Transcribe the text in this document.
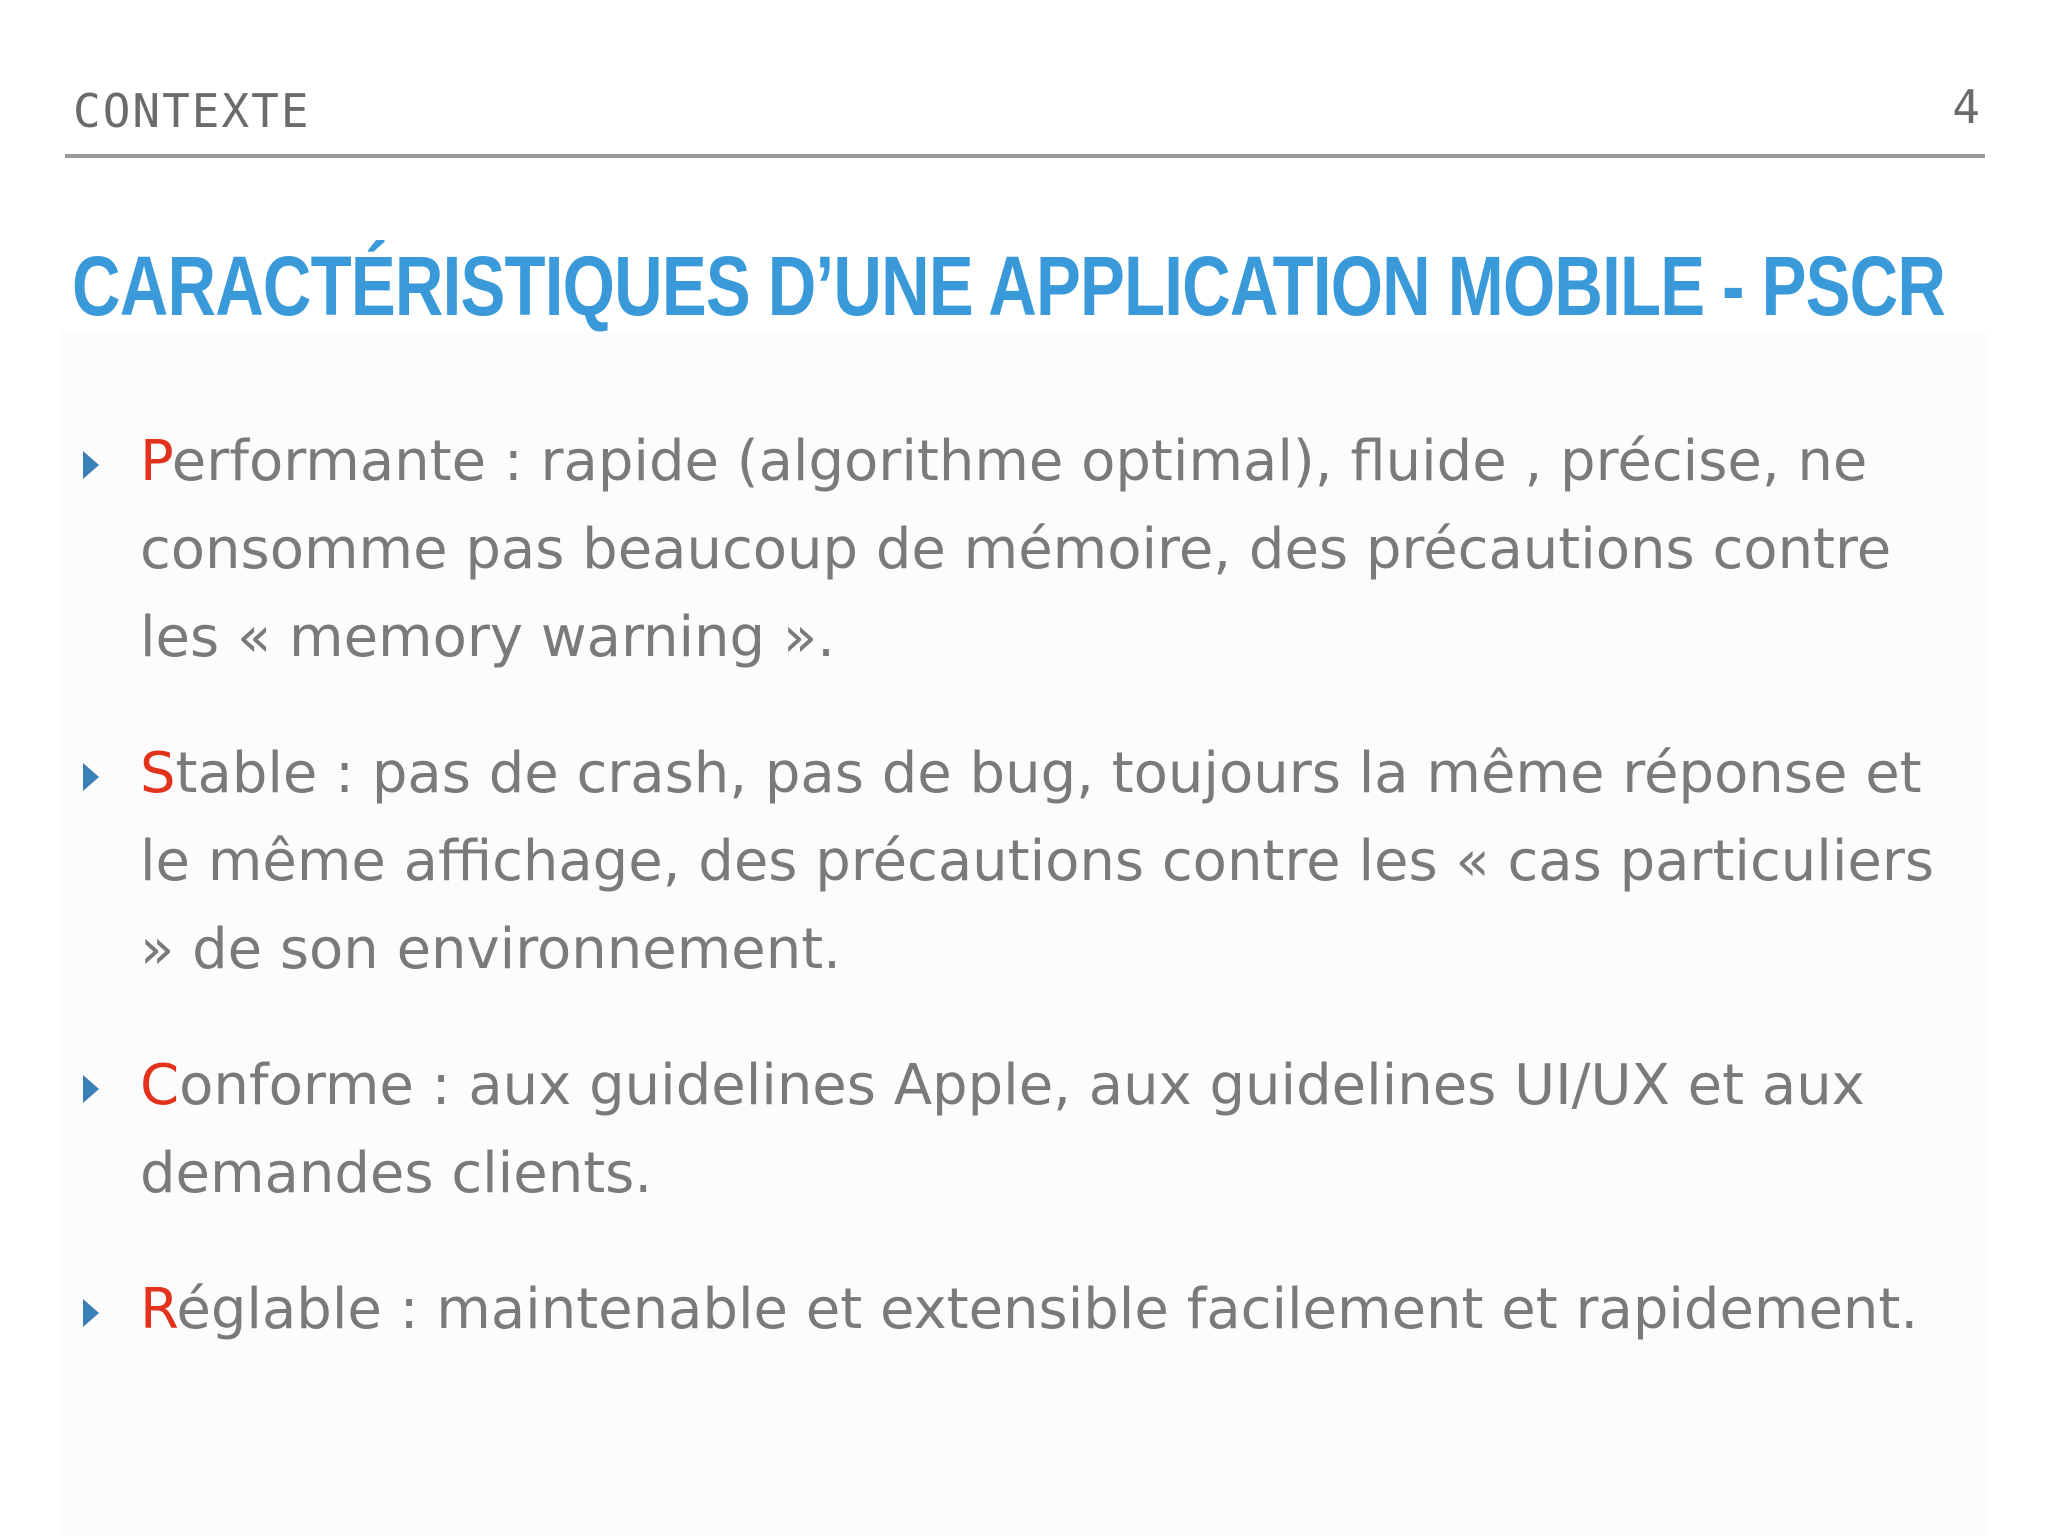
CONTEXTE	4
CARACTÉRISTIQUES D’UNE APPLICATION MOBILE - PSCR
Performante : rapide (algorithme optimal), fluide , précise, ne consomme pas beaucoup de mémoire, des précautions contre les « memory warning ».
Stable : pas de crash, pas de bug, toujours la même réponse et le même affichage, des précautions contre les « cas particuliers » de son environnement.
Conforme : aux guidelines Apple, aux guidelines UI/UX et aux demandes clients.
Réglable : maintenable et extensible facilement et rapidement.
